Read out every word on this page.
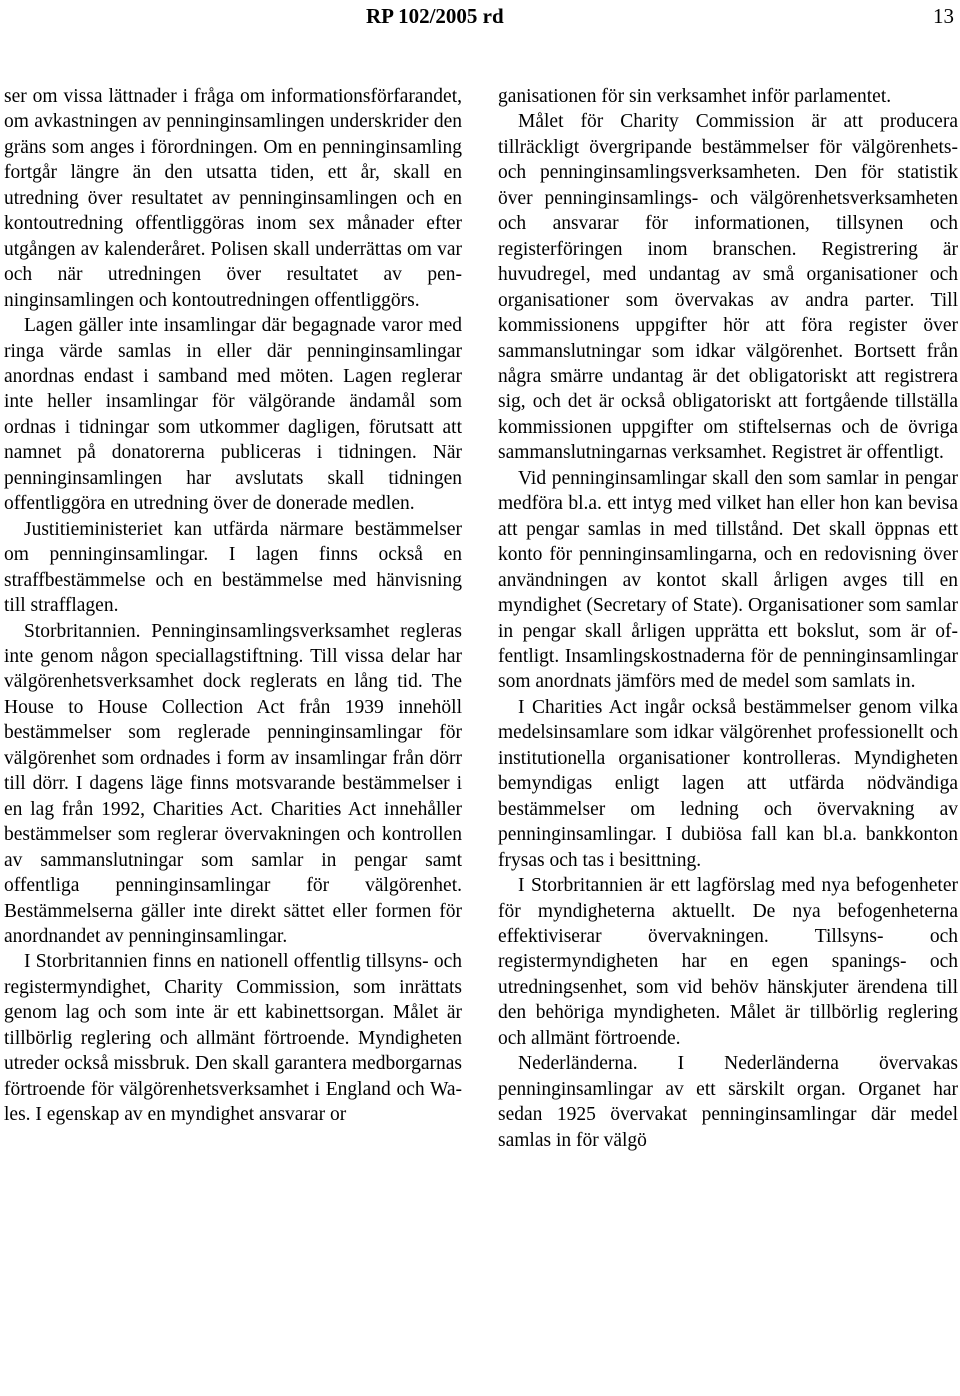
RP 102/2005 rd	13

ser om vissa lättnader i fråga om informationsförfarandet, om avkastningen av penninginsamlingen underskrider den gräns som anges i förordningen. Om en penninginsamling fortgår längre än den utsatta tiden, ett år, skall en utredning över resultatet av penninginsamlingen och en kontoutredning offentliggöras inom sex månader efter utgången av kalenderåret. Polisen skall underrättas om var och när utredningen över resultatet av penninginsamlingen och kontoutredningen offentliggörs.

Lagen gäller inte insamlingar där begagnade varor med ringa värde samlas in eller där penninginsamlingar anordnas endast i samband med möten. Lagen reglerar inte heller insamlingar för välgörande ändamål som ordnas i tidningar som utkommer dagligen, förutsatt att namnet på donatorerna publiceras i tidningen. När penninginsamlingen har avslutats skall tidningen offentliggöra en utredning över de donerade medlen.

Justitieministeriet kan utfärda närmare bestämmelser om penninginsamlingar. I lagen finns också en straffbestämmelse och en bestämmelse med hänvisning till strafflagen.

Storbritannien. Penninginsamlingsverksamhet regleras inte genom någon speciallagstiftning. Till vissa delar har välgörenhetsverksamhet dock reglerats en lång tid. The House to House Collection Act från 1939 innehöll bestämmelser som reglerade penninginsamlingar för välgörenhet som ordnades i form av insamlingar från dörr till dörr. I dagens läge finns motsvarande bestämmelser i en lag från 1992, Charities Act. Charities Act innehåller bestämmelser som reglerar övervakningen och kontrollen av sammanslutningar som samlar in pengar samt offentliga penninginsamlingar för välgörenhet. Bestämmelserna gäller inte direkt sättet eller formen för anordnandet av penninginsamlingar.

I Storbritannien finns en nationell offentlig tillsyns- och registermyndighet, Charity Commission, som inrättats genom lag och som inte är ett kabinettsorgan. Målet är tillbörlig reglering och allmänt förtroende. Myndigheten utreder också missbruk. Den skall garantera medborgarnas förtroende för välgörenhetsverksamhet i England och Wales. I egenskap av en myndighet ansvarar or

ganisationen för sin verksamhet inför parlamentet.

Målet för Charity Commission är att producera tillräckligt övergripande bestämmelser för välgörenhets- och penninginsamlingsverksamheten. Den för statistik över penninginsamlings- och välgörenhetsverksamheten och ansvarar för informationen, tillsynen och registerföringen inom branschen. Registrering är huvudregel, med undantag av små organisationer och organisationer som övervakas av andra parter. Till kommissionens uppgifter hör att föra register över sammanslutningar som idkar välgörenhet. Bortsett från några smärre undantag är det obligatoriskt att registrera sig, och det är också obligatoriskt att fortgående tillställa kommissionen uppgifter om stiftelsernas och de övriga sammanslutningarnas verksamhet. Registret är offentligt.

Vid penninginsamlingar skall den som samlar in pengar medföra bl.a. ett intyg med vilket han eller hon kan bevisa att pengar samlas in med tillstånd. Det skall öppnas ett konto för penninginsamlingarna, och en redovisning över användningen av kontot skall årligen avges till en myndighet (Secretary of State). Organisationer som samlar in pengar skall årligen upprätta ett bokslut, som är offentligt. Insamlingskostnaderna för de penninginsamlingar som anordnats jämförs med de medel som samlats in.

I Charities Act ingår också bestämmelser genom vilka medelsinsamlare som idkar välgörenhet professionellt och institutionella organisationer kontrolleras. Myndigheten bemyndigas enligt lagen att utfärda nödvändiga bestämmelser om ledning och övervakning av penninginsamlingar. I dubiösa fall kan bl.a. bankkonton frysas och tas i besittning.

I Storbritannien är ett lagförslag med nya befogenheter för myndigheterna aktuellt. De nya befogenheterna effektiviserar övervakningen. Tillsyns- och registermyndigheten har en egen spanings- och utredningsenhet, som vid behöv hänskjuter ärendena till den behöriga myndigheten. Målet är tillbörlig reglering och allmänt förtroende.

Nederländerna. I Nederländerna övervakas penninginsamlingar av ett särskilt organ. Organet har sedan 1925 övervakat penninginsamlingar där medel samlas in för välgö
